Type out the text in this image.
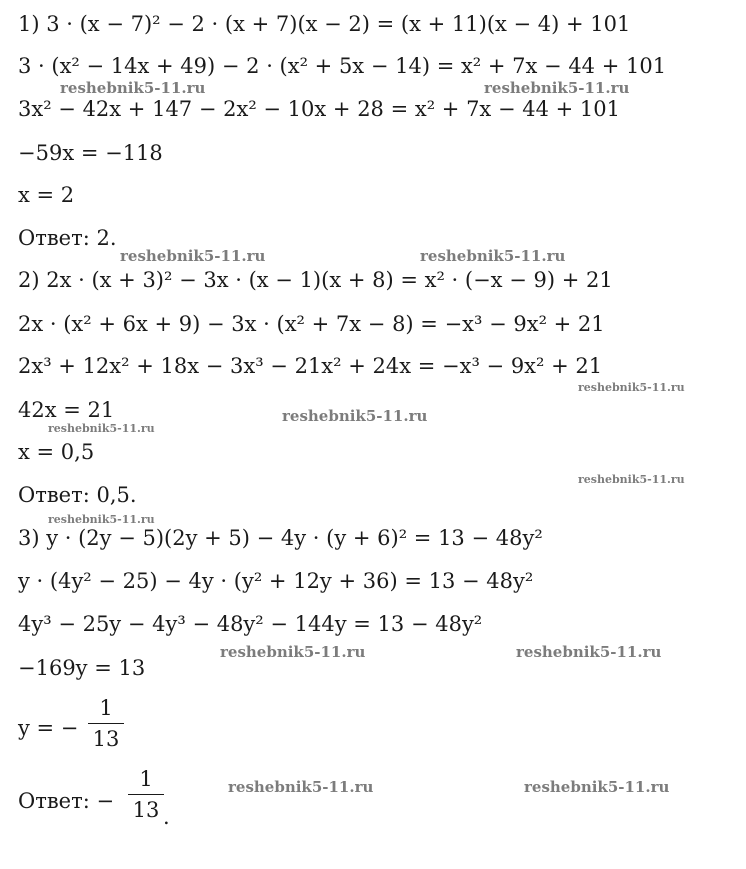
1) 3 · (x − 7)² − 2 · (x + 7)(x − 2) = (x + 11)(x − 4) + 101
3 · (x² − 14x + 49) − 2 · (x² + 5x − 14) = x² + 7x − 44 + 101
3x² − 42x + 147 − 2x² − 10x + 28 = x² + 7x − 44 + 101
−59x = −118
x = 2
Ответ: 2.
2) 2x · (x + 3)² − 3x · (x − 1)(x + 8) = x² · (−x − 9) + 21
2x · (x² + 6x + 9) − 3x · (x² + 7x − 8) = −x³ − 9x² + 21
2x³ + 12x² + 18x − 3x³ − 21x² + 24x = −x³ − 9x² + 21
42x = 21
x = 0,5
Ответ: 0,5.
3) y · (2y − 5)(2y + 5) − 4y · (y + 6)² = 13 − 48y²
y · (4y² − 25) − 4y · (y² + 12y + 36) = 13 − 48y²
4y³ − 25y − 4y³ − 48y² − 144y = 13 − 48y²
−169y = 13
y = −
1
13
Ответ: −
1
13 .
reshebnik5-11.ru	reshebnik5-11.ru
reshebnik5-11.ru	reshebnik5-11.ru
reshebnik5-11.ru
reshebnik5-11.ru
reshebnik5-11.ru
reshebnik5-11.ru
reshebnik5-11.ru
reshebnik5-11.ru	reshebnik5-11.ru
reshebnik5-11.ru	reshebnik5-11.ru
